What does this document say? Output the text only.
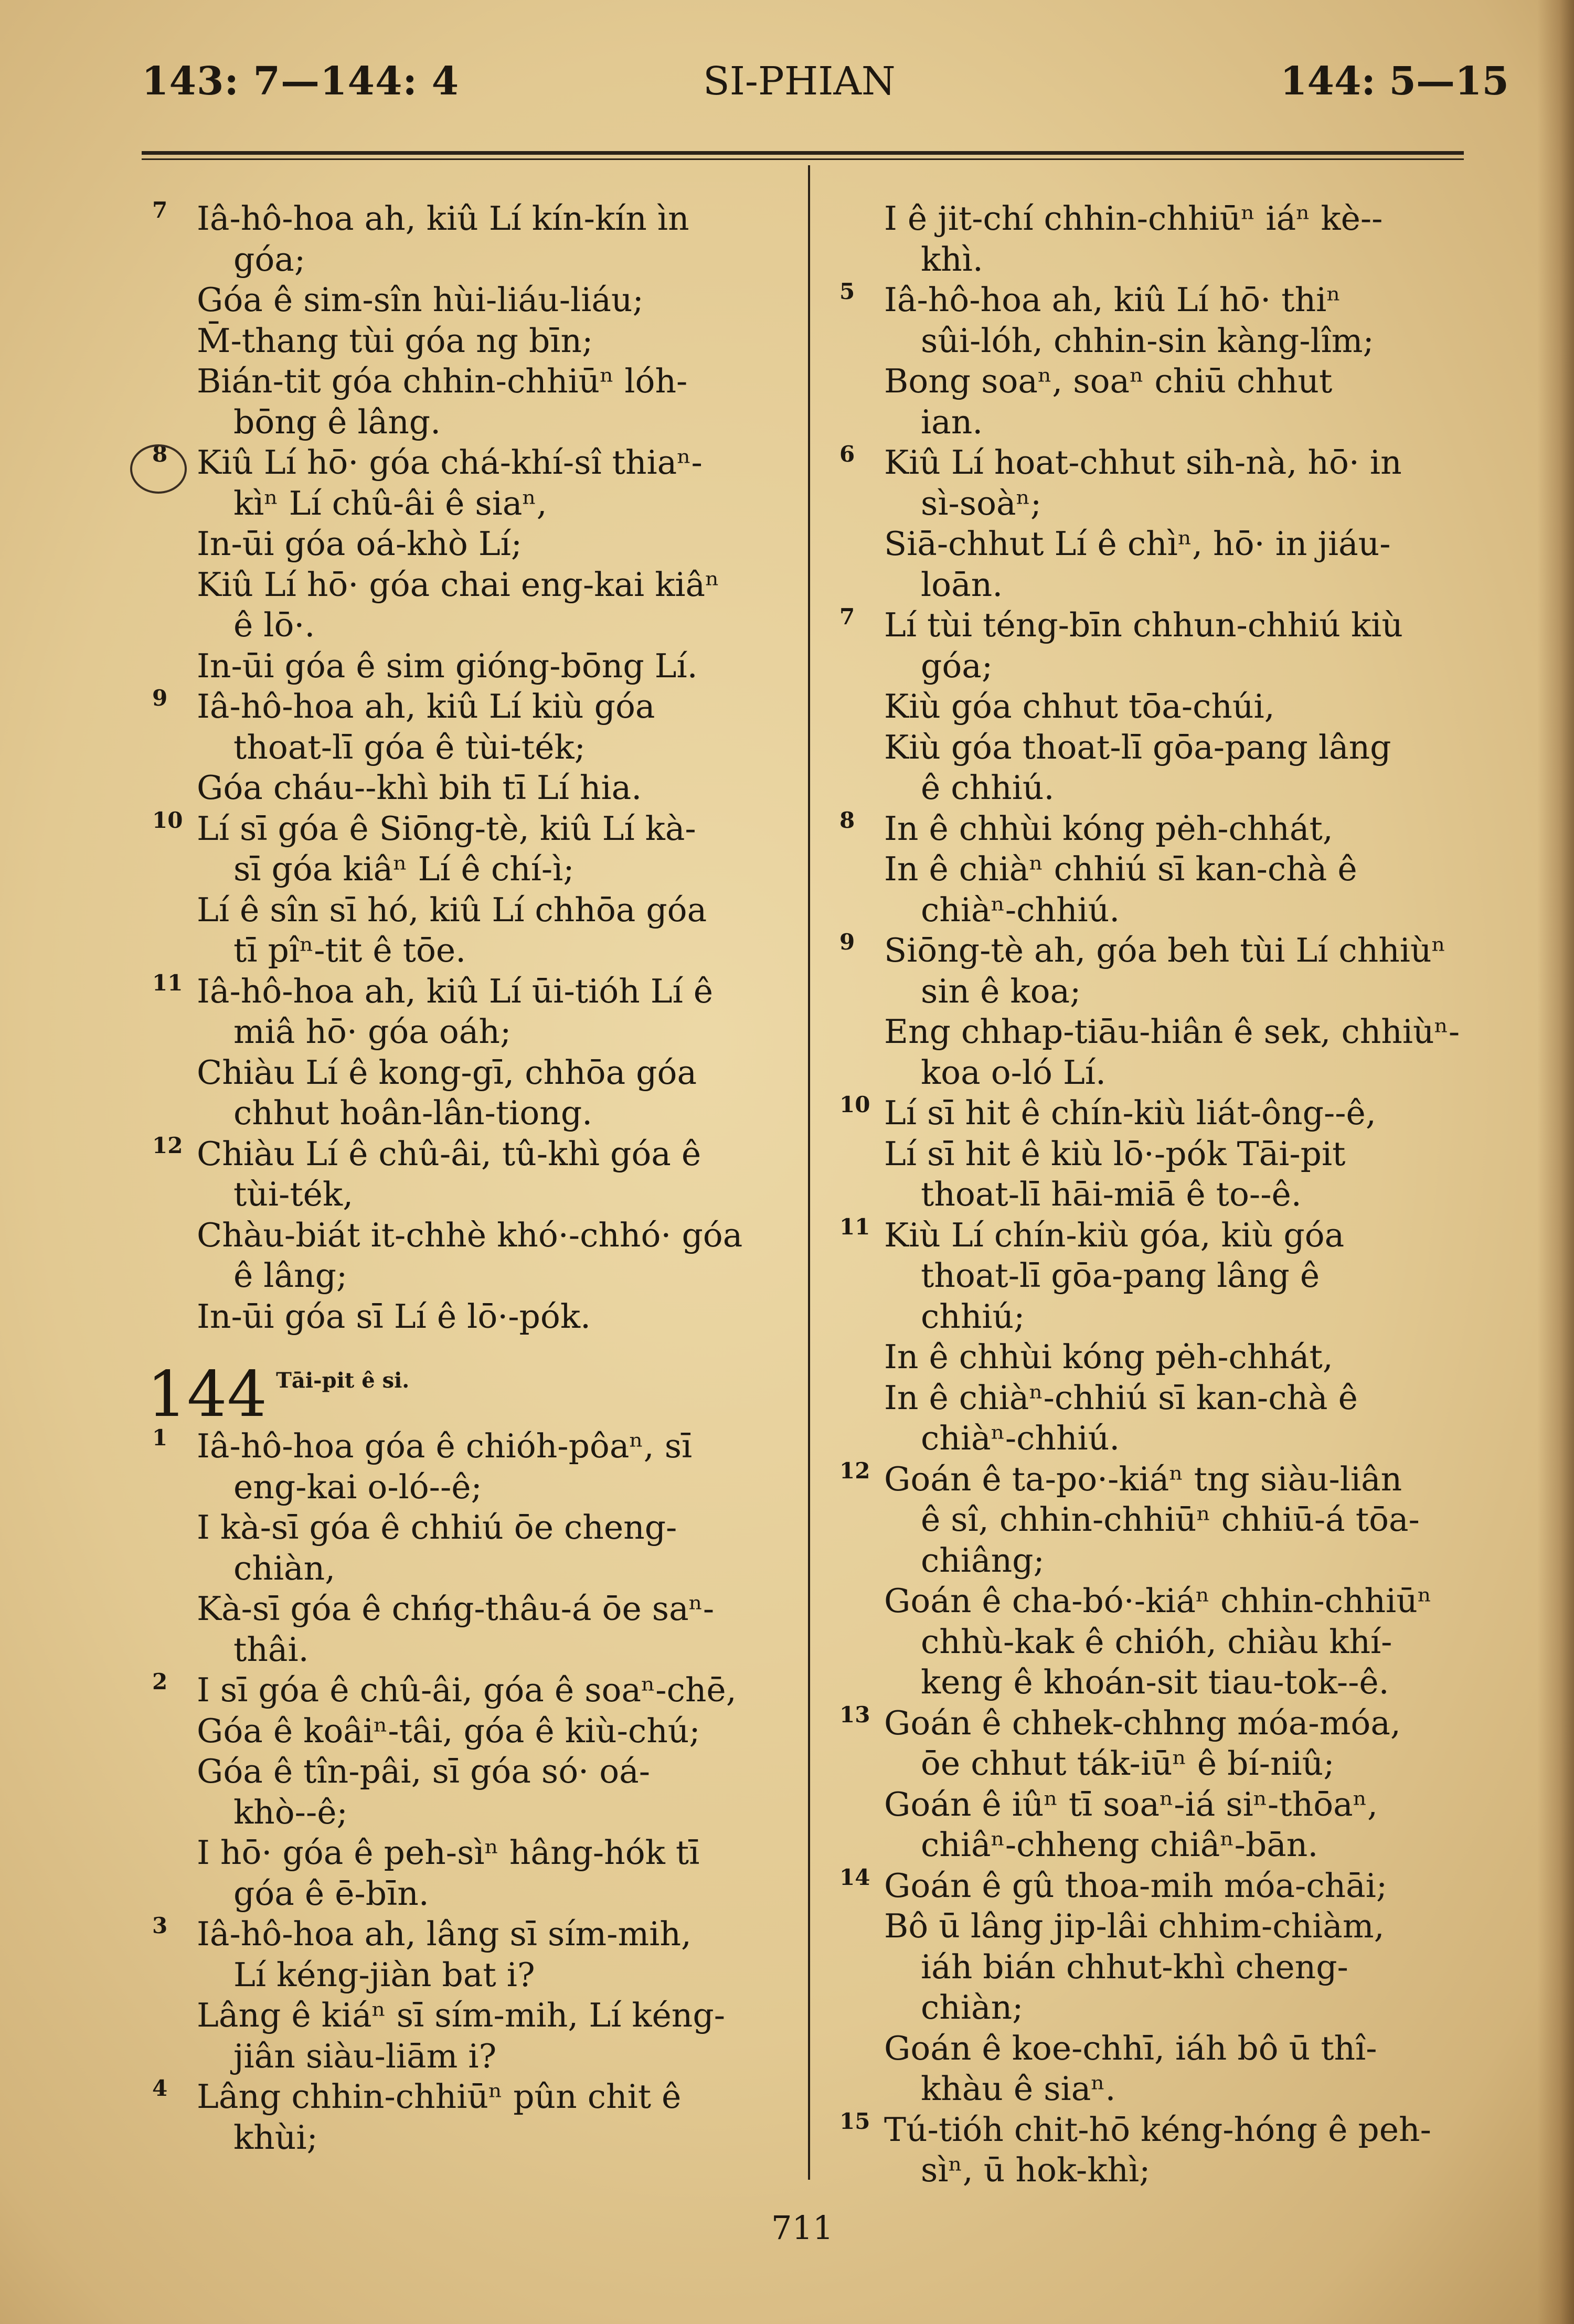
143: 7—144: 4	SI-PHIAN	144: 5—15
7 Iâ-hô-hoa ah, kiû Lí kín-kín ìn
góa;
Góa ê sim-sîn hùi-liáu-liáu;
M̄-thang tùi góa ng bīn;
Bián-tit góa chhin-chhiūⁿ lóh-
bōng ê lâng.
8 Kiû Lí hō· góa chá-khí-sî thiaⁿ-
kìⁿ Lí chû-âi ê siaⁿ,
In-ūi góa oá-khò Lí;
Kiû Lí hō· góa chai eng-kai kiâⁿ
ê lō·.
In-ūi góa ê sim gióng-bōng Lí.
9 Iâ-hô-hoa ah, kiû Lí kiù góa
thoat-lī góa ê tùi-ték;
Góa cháu--khì bih tī Lí hia.
10 Lí sī góa ê Siōng-tè, kiû Lí kà-
sī góa kiâⁿ Lí ê chí-ì;
Lí ê sîn sī hó, kiû Lí chhōa góa
tī pîⁿ-tit ê tōe.
11 Iâ-hô-hoa ah, kiû Lí ūi-tióh Lí ê
miâ hō· góa oáh;
Chiàu Lí ê kong-gī, chhōa góa
chhut hoân-lân-tiong.
12 Chiàu Lí ê chû-âi, tû-khì góa ê
tùi-ték,
Chàu-biát it-chhè khó·-chhó· góa
ê lâng;
In-ūi góa sī Lí ê lō·-pók.
144 Tāi-pit ê si.
1 Iâ-hô-hoa góa ê chióh-pôaⁿ, sī
eng-kai o-ló--ê;
I kà-sī góa ê chhiú ōe cheng-
chiàn,
Kà-sī góa ê chńg-thâu-á ōe saⁿ-
thâi.
2 I sī góa ê chû-âi, góa ê soaⁿ-chē,
Góa ê koâiⁿ-tâi, góa ê kiù-chú;
Góa ê tîn-pâi, sī góa só· oá-
khò--ê;
I hō· góa ê peh-sìⁿ hâng-hók tī
góa ê ē-bīn.
3 Iâ-hô-hoa ah, lâng sī sím-mih,
Lí kéng-jiàn bat i?
Lâng ê kiáⁿ sī sím-mih, Lí kéng-
jiân siàu-liām i?
4 Lâng chhin-chhiūⁿ pûn chit ê
khùi;
I ê jit-chí chhin-chhiūⁿ iáⁿ kè--
khì.
5 Iâ-hô-hoa ah, kiû Lí hō· thiⁿ
sûi-lóh, chhin-sin kàng-lîm;
Bong soaⁿ, soaⁿ chiū chhut
ian.
6 Kiû Lí hoat-chhut sih-nà, hō· in
sì-soàⁿ;
Siā-chhut Lí ê chìⁿ, hō· in jiáu-
loān.
7 Lí tùi téng-bīn chhun-chhiú kiù
góa;
Kiù góa chhut tōa-chúi,
Kiù góa thoat-lī gōa-pang lâng
ê chhiú.
8 In ê chhùi kóng pėh-chhát,
In ê chiàⁿ chhiú sī kan-chà ê
chiàⁿ-chhiú.
9 Siōng-tè ah, góa beh tùi Lí chhiùⁿ
sin ê koa;
Eng chhap-tiāu-hiân ê sek, chhiùⁿ-
koa o-ló Lí.
10 Lí sī hit ê chín-kiù liát-ông--ê,
Lí sī hit ê kiù lō·-pók Tāi-pit
thoat-lī hāi-miā ê to--ê.
11 Kiù Lí chín-kiù góa, kiù góa
thoat-lī gōa-pang lâng ê
chhiú;
In ê chhùi kóng pėh-chhát,
In ê chiàⁿ-chhiú sī kan-chà ê
chiàⁿ-chhiú.
12 Goán ê ta-po·-kiáⁿ tng siàu-liân
ê sî, chhin-chhiūⁿ chhiū-á tōa-
chiâng;
Goán ê cha-bó·-kiáⁿ chhin-chhiūⁿ
chhù-kak ê chióh, chiàu khí-
keng ê khoán-sit tiau-tok--ê.
13 Goán ê chhek-chhng móa-móa,
ōe chhut ták-iūⁿ ê bí-niû;
Goán ê iûⁿ tī soaⁿ-iá siⁿ-thōaⁿ,
chiâⁿ-chheng chiâⁿ-bān.
14 Goán ê gû thoa-mih móa-chāi;
Bô ū lâng jip-lâi chhim-chiàm,
iáh bián chhut-khì cheng-
chiàn;
Goán ê koe-chhī, iáh bô ū thî-
khàu ê siaⁿ.
15 Tú-tióh chit-hō kéng-hóng ê peh-
sìⁿ, ū hok-khì;
711
